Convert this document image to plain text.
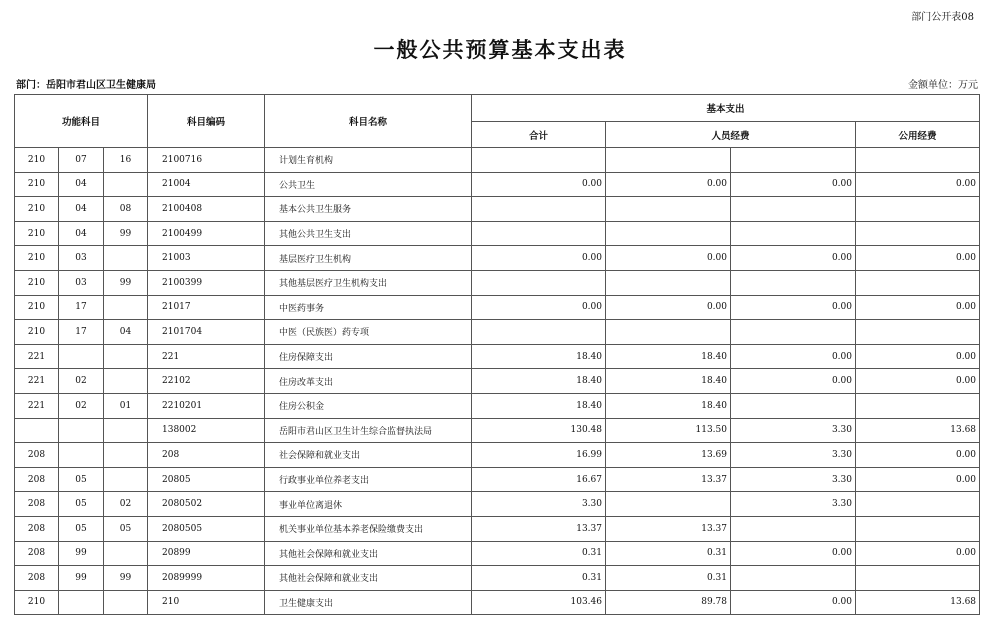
部门公开表08
一般公共预算基本支出表
部门：岳阳市君山区卫生健康局	金额单位：万元
功能科目			科目编码	科目名称	基本支出			
					合计	人员经费		公用经费
210	07	16	2100716	计划生育机构				
210	04		21004	公共卫生	0.00	0.00	0.00	0.00
210	04	08	2100408	基本公共卫生服务				
210	04	99	2100499	其他公共卫生支出				
210	03		21003	基层医疗卫生机构	0.00	0.00	0.00	0.00
210	03	99	2100399	其他基层医疗卫生机构支出				
210	17		21017	中医药事务	0.00	0.00	0.00	0.00
210	17	04	2101704	中医（民族医）药专项				
221			221	住房保障支出	18.40	18.40	0.00	0.00
221	02		22102	住房改革支出	18.40	18.40	0.00	0.00
221	02	01	2210201	住房公积金	18.40	18.40		
			138002	岳阳市君山区卫生计生综合监督执法局	130.48	113.50	3.30	13.68
208			208	社会保障和就业支出	16.99	13.69	3.30	0.00
208	05		20805	行政事业单位养老支出	16.67	13.37	3.30	0.00
208	05	02	2080502	事业单位离退休	3.30		3.30	
208	05	05	2080505	机关事业单位基本养老保险缴费支出	13.37	13.37		
208	99		20899	其他社会保障和就业支出	0.31	0.31	0.00	0.00
208	99	99	2089999	其他社会保障和就业支出	0.31	0.31		
210			210	卫生健康支出	103.46	89.78	0.00	13.68
